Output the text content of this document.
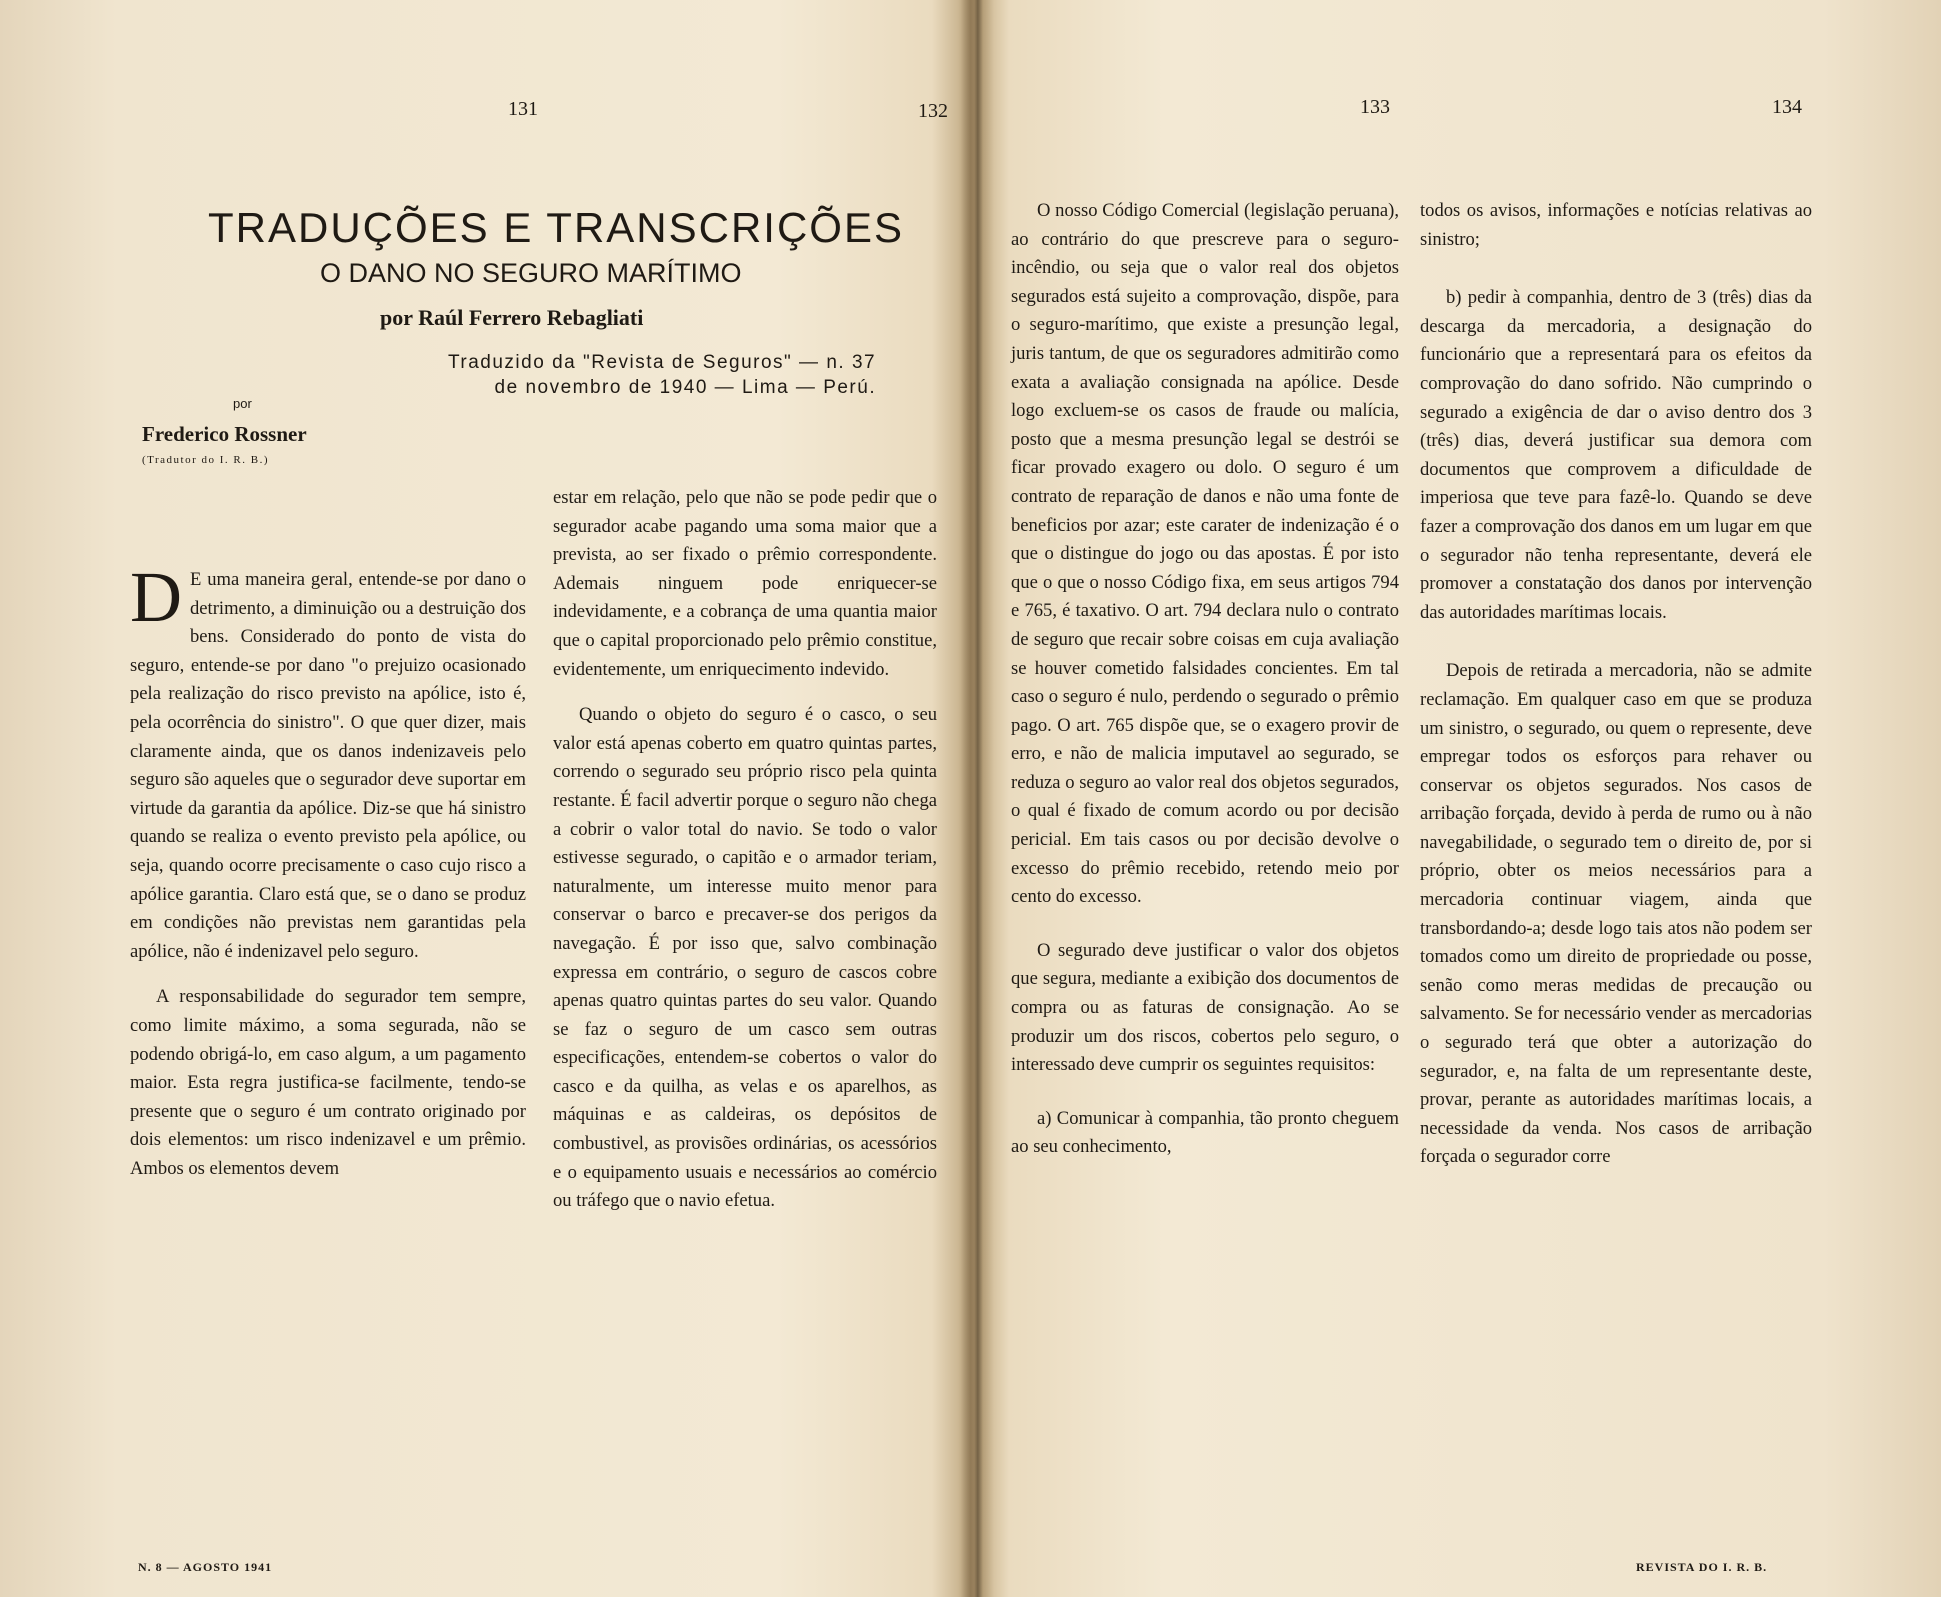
131	132
TRADUÇÕES E TRANSCRIÇÕES
O DANO NO SEGURO MARÍTIMO
por Raúl Ferrero Rebagliati
Traduzido da "Revista de Seguros" — n. 37
de novembro de 1940 — Lima — Perú.
por
Frederico Rossner
(Tradutor do I. R. B.)

D E uma maneira geral, entende-se por dano o detrimento, a diminuição ou a destruição dos bens. Considerado do ponto de vista do seguro, entende-se por dano "o prejuizo ocasionado pela realização do risco previsto na apólice, isto é, pela ocorrência do sinistro". O que quer dizer, mais claramente ainda, que os danos indenizaveis pelo seguro são aqueles que o segurador deve suportar em virtude da garantia da apólice. Diz-se que há sinistro quando se realiza o evento previsto pela apólice, ou seja, quando ocorre precisamente o caso cujo risco a apólice garantia. Claro está que, se o dano se produz em condições não previstas nem garantidas pela apólice, não é indenizavel pelo seguro.

A responsabilidade do segurador tem sempre, como limite máximo, a soma segurada, não se podendo obrigá-lo, em caso algum, a um pagamento maior. Esta regra justifica-se facilmente, tendo-se presente que o seguro é um contrato originado por dois elementos: um risco indenizavel e um prêmio. Ambos os elementos devem

estar em relação, pelo que não se pode pedir que o segurador acabe pagando uma soma maior que a prevista, ao ser fixado o prêmio correspondente. Ademais ninguem pode enriquecer-se indevidamente, e a cobrança de uma quantia maior que o capital proporcionado pelo prêmio constitue, evidentemente, um enriquecimento indevido.

Quando o objeto do seguro é o casco, o seu valor está apenas coberto em quatro quintas partes, correndo o segurado seu próprio risco pela quinta restante. É facil advertir porque o seguro não chega a cobrir o valor total do navio. Se todo o valor estivesse segurado, o capitão e o armador teriam, naturalmente, um interesse muito menor para conservar o barco e precaver-se dos perigos da navegação. É por isso que, salvo combinação expressa em contrário, o seguro de cascos cobre apenas quatro quintas partes do seu valor. Quando se faz o seguro de um casco sem outras especificações, entendem-se cobertos o valor do casco e da quilha, as velas e os aparelhos, as máquinas e as caldeiras, os depósitos de combustivel, as provisões ordinárias, os acessórios e o equipamento usuais e necessários ao comércio ou tráfego que o navio efetua.

N. 8 — AGOSTO 1941
133	134

O nosso Código Comercial (legislação peruana), ao contrário do que prescreve para o seguro-incêndio, ou seja que o valor real dos objetos segurados está sujeito a comprovação, dispõe, para o seguro-marítimo, que existe a presunção legal, juris tantum, de que os seguradores admitirão como exata a avaliação consignada na apólice. Desde logo excluem-se os casos de fraude ou malícia, posto que a mesma presunção legal se destrói se ficar provado exagero ou dolo. O seguro é um contrato de reparação de danos e não uma fonte de beneficios por azar; este carater de indenização é o que o distingue do jogo ou das apostas. É por isto que o que o nosso Código fixa, em seus artigos 794 e 765, é taxativo. O art. 794 declara nulo o contrato de seguro que recair sobre coisas em cuja avaliação se houver cometido falsidades concientes. Em tal caso o seguro é nulo, perdendo o segurado o prêmio pago. O art. 765 dispõe que, se o exagero provir de erro, e não de malicia imputavel ao segurado, se reduza o seguro ao valor real dos objetos segurados, o qual é fixado de comum acordo ou por decisão pericial. Em tais casos ou por decisão devolve o excesso do prêmio recebido, retendo meio por cento do excesso.

O segurado deve justificar o valor dos objetos que segura, mediante a exibição dos documentos de compra ou as faturas de consignação. Ao se produzir um dos riscos, cobertos pelo seguro, o interessado deve cumprir os seguintes requisitos:

a) Comunicar à companhia, tão pronto cheguem ao seu conhecimento,

todos os avisos, informações e notícias relativas ao sinistro;

b) pedir à companhia, dentro de 3 (três) dias da descarga da mercadoria, a designação do funcionário que a representará para os efeitos da comprovação do dano sofrido. Não cumprindo o segurado a exigência de dar o aviso dentro dos 3 (três) dias, deverá justificar sua demora com documentos que comprovem a dificuldade de imperiosa que teve para fazê-lo. Quando se deve fazer a comprovação dos danos em um lugar em que o segurador não tenha representante, deverá ele promover a constatação dos danos por intervenção das autoridades marítimas locais.

Depois de retirada a mercadoria, não se admite reclamação. Em qualquer caso em que se produza um sinistro, o segurado, ou quem o represente, deve empregar todos os esforços para rehaver ou conservar os objetos segurados. Nos casos de arribação forçada, devido à perda de rumo ou à não navegabilidade, o segurado tem o direito de, por si próprio, obter os meios necessários para a mercadoria continuar viagem, ainda que transbordando-a; desde logo tais atos não podem ser tomados como um direito de propriedade ou posse, senão como meras medidas de precaução ou salvamento. Se for necessário vender as mercadorias o segurado terá que obter a autorização do segurador, e, na falta de um representante deste, provar, perante as autoridades marítimas locais, a necessidade da venda. Nos casos de arribação forçada o segurador corre

REVISTA DO I. R. B.
